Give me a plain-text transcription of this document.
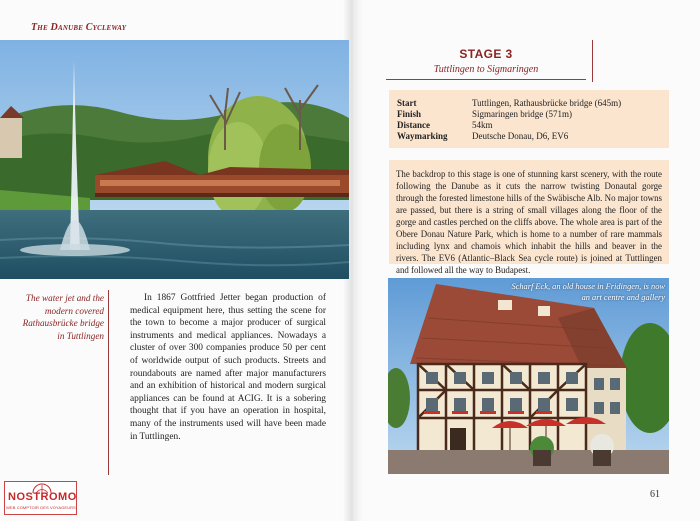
The Danube Cycleway
The water jet and the modern covered Rathausbrücke bridge in Tuttlingen
In 1867 Gottfried Jetter began production of medical equipment here, thus setting the scene for the town to become a major producer of surgical instruments and medical appliances. Nowadays a cluster of over 300 companies produce 50 per cent of worldwide output of such products. Streets and roundabouts are named after major manufacturers and an exhibition of historical and modern surgical appliances can be found at ACIG. It is a sobering thought that if you have an operation in hospital, many of the instruments used will have been made in Tuttlingen.
NOSTROMO
WEB COMPTOIR DES VOYAGEURS
STAGE 3
Tuttlingen to Sigmaringen
Start	Tuttlingen, Rathausbrücke bridge (645m)
Finish	Sigmaringen bridge (571m)
Distance	54km
Waymarking	Deutsche Donau, D6, EV6
The backdrop to this stage is one of stunning karst scenery, with the route following the Danube as it cuts the narrow twisting Donautal gorge through the forested limestone hills of the Swäbische Alb. No major towns are passed, but there is a string of small villages along the floor of the gorge and castles perched on the cliffs above. The whole area is part of the Obere Donau Nature Park, which is home to a number of rare mammals including lynx and chamois which inhabit the hills and beaver in the rivers. The EV6 (Atlantic–Black Sea cycle route) is joined at Tuttlingen and followed all the way to Budapest.
Scharf Eck, an old house in Fridingen, is now an art centre and gallery
61
